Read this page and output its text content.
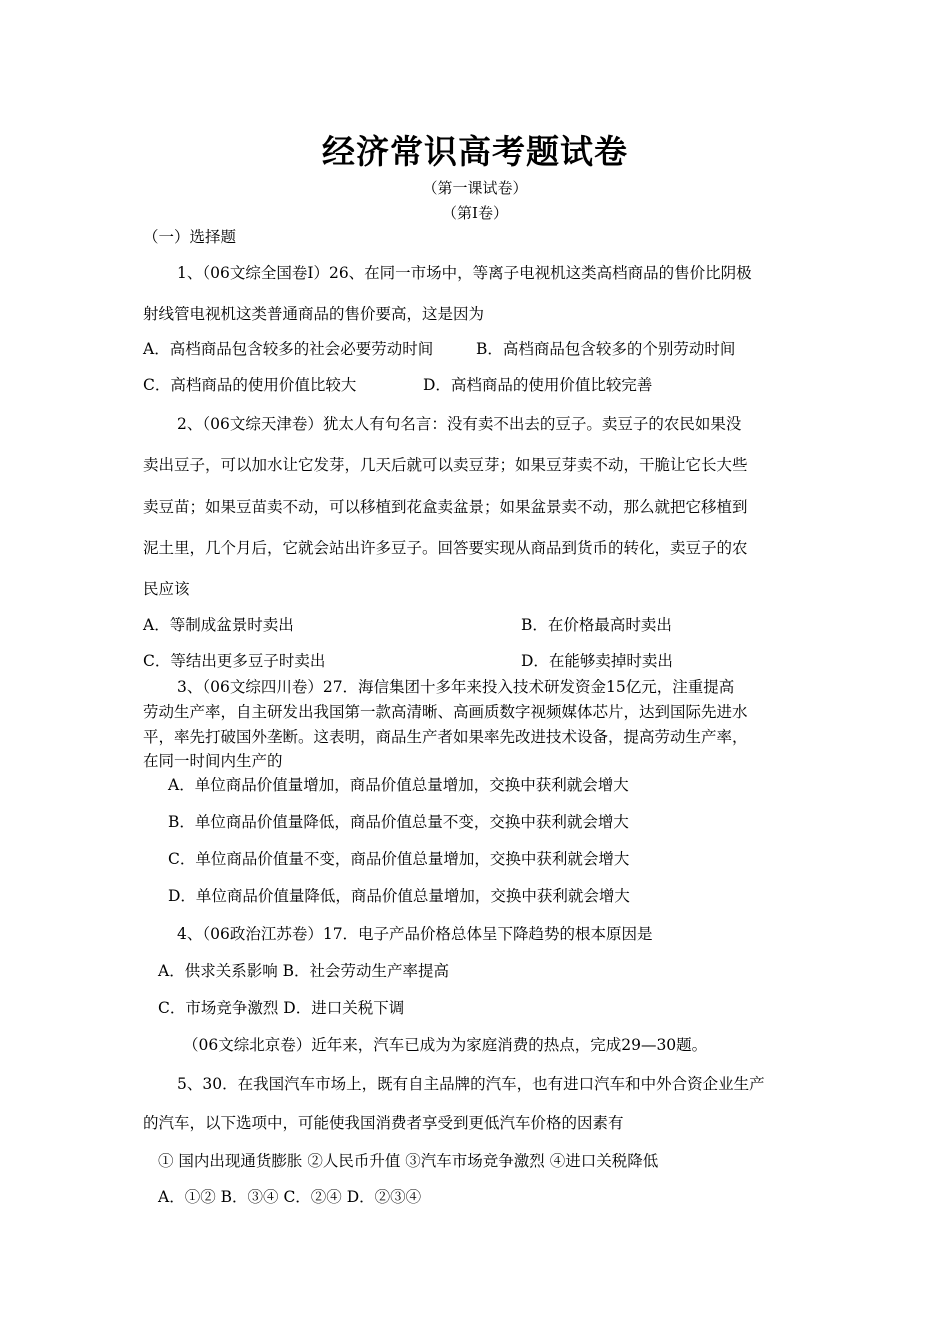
经济常识高考题试卷
（第一课试卷）
（第Ⅰ卷）
（一）选择题
1、（06文综全国卷Ⅰ）26、在同一市场中，等离子电视机这类高档商品的售价比阴极
射线管电视机这类普通商品的售价要高，这是因为
A．高档商品包含较多的社会必要劳动时间	B．高档商品包含较多的个别劳动时间
C．高档商品的使用价值比较大	D．高档商品的使用价值比较完善
2、（06文综天津卷）犹太人有句名言：没有卖不出去的豆子。卖豆子的农民如果没
卖出豆子，可以加水让它发芽，几天后就可以卖豆芽；如果豆芽卖不动，干脆让它长大些
卖豆苗；如果豆苗卖不动，可以移植到花盒卖盆景；如果盆景卖不动，那么就把它移植到
泥土里，几个月后，它就会站出许多豆子。回答要实现从商品到货币的转化，卖豆子的农
民应该
A．等制成盆景时卖出	B．在价格最高时卖出
C．等结出更多豆子时卖出	D．在能够卖掉时卖出
3、（06文综四川卷）27．海信集团十多年来投入技术研发资金15亿元，注重提高
劳动生产率，自主研发出我国第一款高清晰、高画质数字视频媒体芯片，达到国际先进水
平，率先打破国外垄断。这表明，商品生产者如果率先改进技术设备，提高劳动生产率，
在同一时间内生产的
A．单位商品价值量增加，商品价值总量增加，交换中获利就会增大
B．单位商品价值量降低，商品价值总量不变，交换中获利就会增大
C．单位商品价值量不变，商品价值总量增加，交换中获利就会增大
D．单位商品价值量降低，商品价值总量增加，交换中获利就会增大
4、（06政治江苏卷）17．电子产品价格总体呈下降趋势的根本原因是
A．供求关系影响 B．社会劳动生产率提高
C．市场竞争激烈 D．进口关税下调
（06文综北京卷）近年来，汽车已成为为家庭消费的热点，完成29—30题。
5、30．在我国汽车市场上，既有自主品牌的汽车，也有进口汽车和中外合资企业生产
的汽车，以下选项中，可能使我国消费者享受到更低汽车价格的因素有
① 国内出现通货膨胀 ②人民币升值 ③汽车市场竞争激烈 ④进口关税降低
A．①② B．③④ C．②④ D．②③④
